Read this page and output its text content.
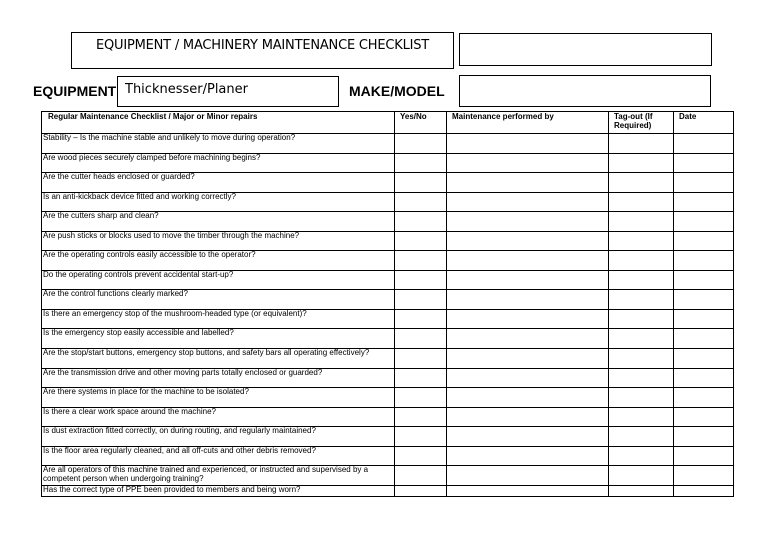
EQUIPMENT / MACHINERY MAINTENANCE CHECKLIST
EQUIPMENT Thicknesser/Planer	MAKE/MODEL
Regular Maintenance Checklist / Major or Minor repairs	Yes/No	Maintenance performed by	Tag-out (If Required)	Date
Stability – Is the machine stable and unlikely to move during operation?				
Are wood pieces securely clamped before machining begins?				
Are the cutter heads enclosed or guarded?				
Is an anti-kickback device fitted and working correctly?				
Are the cutters sharp and clean?				
Are push sticks or blocks used to move the timber through the machine?				
Are the operating controls easily accessible to the operator?				
Do the operating controls prevent accidental start-up?				
Are the control functions clearly marked?				
Is there an emergency stop of the mushroom-headed type (or equivalent)?				
Is the emergency stop easily accessible and labelled?				
Are the stop/start buttons, emergency stop buttons, and safety bars all operating effectively?				
Are the transmission drive and other moving parts totally enclosed or guarded?				
Are there systems in place for the machine to be isolated?				
Is there a clear work space around the machine?				
Is dust extraction fitted correctly, on during routing, and regularly maintained?				
Is the floor area regularly cleaned, and all off-cuts and other debris removed?				
Are all operators of this machine trained and experienced, or instructed and supervised by a competent person when undergoing training?				
Has the correct type of PPE been provided to members and being worn?				
